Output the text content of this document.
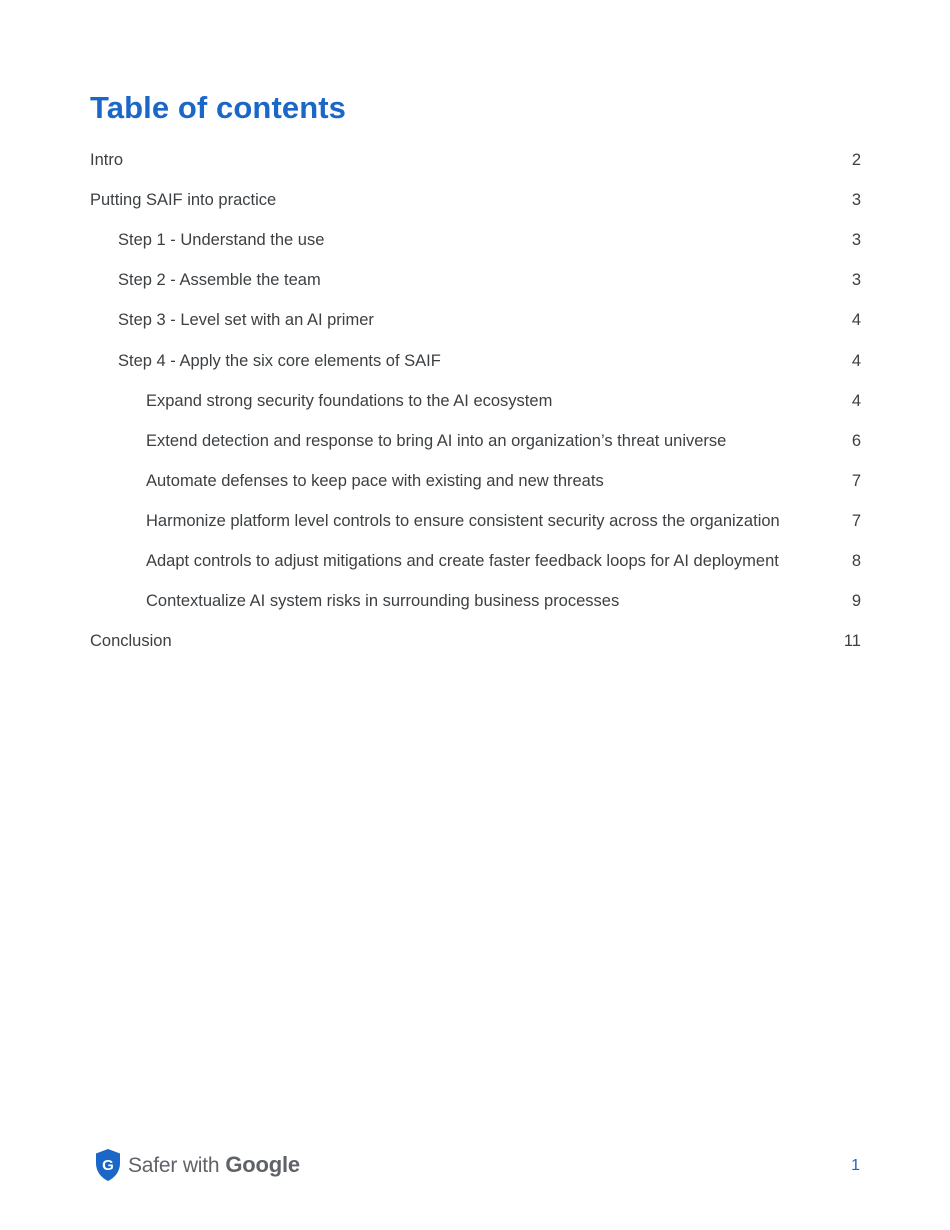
Table of contents
Intro	2
Putting SAIF into practice	3
Step 1 - Understand the use	3
Step 2 - Assemble the team	3
Step 3 - Level set with an AI primer	4
Step 4 - Apply the six core elements of SAIF	4
Expand strong security foundations to the AI ecosystem	4
Extend detection and response to bring AI into an organization’s threat universe	6
Automate defenses to keep pace with existing and new threats	7
Harmonize platform level controls to ensure consistent security across the organization	7
Adapt controls to adjust mitigations and create faster feedback loops for AI deployment	8
Contextualize AI system risks in surrounding business processes	9
Conclusion	11
G Safer with Google	1
